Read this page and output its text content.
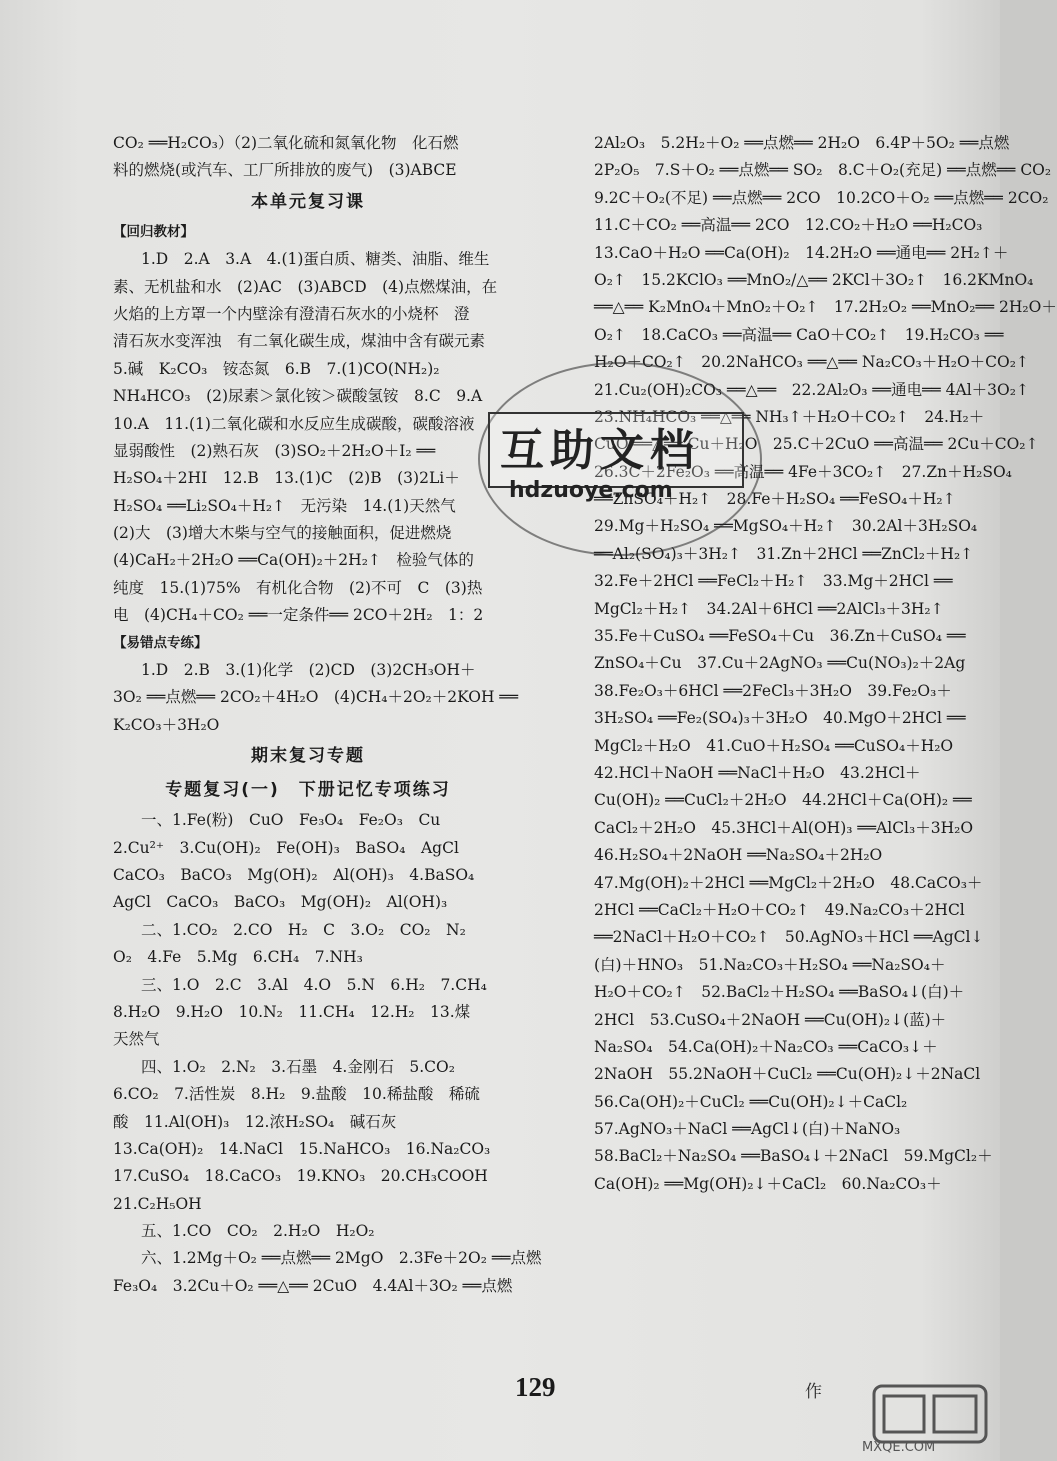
CO₂ ══H₂CO₃）（2)二氧化硫和氮氧化物　化石燃
料的燃烧(或汽车、工厂所排放的废气)　(3)ABCE
本单元复习课
【回归教材】
1.D　2.A　3.A　4.(1)蛋白质、糖类、油脂、维生
素、无机盐和水　(2)AC　(3)ABCD　(4)点燃煤油，在
火焰的上方罩一个内壁涂有澄清石灰水的小烧杯　澄
清石灰水变浑浊　有二氧化碳生成，煤油中含有碳元素
5.碱　K₂CO₃　铵态氮　6.B　7.(1)CO(NH₂)₂
NH₄HCO₃　(2)尿素＞氯化铵＞碳酸氢铵　8.C　9.A
10.A　11.(1)二氧化碳和水反应生成碳酸，碳酸溶液
显弱酸性　(2)熟石灰　(3)SO₂＋2H₂O＋I₂ ══
H₂SO₄＋2HI　12.B　13.(1)C　(2)B　(3)2Li＋
H₂SO₄ ══Li₂SO₄＋H₂↑　无污染　14.(1)天然气
(2)大　(3)增大木柴与空气的接触面积，促进燃烧
(4)CaH₂＋2H₂O ══Ca(OH)₂＋2H₂↑　检验气体的
纯度　15.(1)75%　有机化合物　(2)不可　C　(3)热
电　(4)CH₄＋CO₂ ══一定条件══ 2CO＋2H₂　1：2
【易错点专练】
1.D　2.B　3.(1)化学　(2)CD　(3)2CH₃OH＋
3O₂ ══点燃══ 2CO₂＋4H₂O　(4)CH₄＋2O₂＋2KOH ══
K₂CO₃＋3H₂O
期末复习专题
专题复习(一)　下册记忆专项练习
一、1.Fe(粉)　CuO　Fe₃O₄　Fe₂O₃　Cu
2.Cu²⁺　3.Cu(OH)₂　Fe(OH)₃　BaSO₄　AgCl
CaCO₃　BaCO₃　Mg(OH)₂　Al(OH)₃　4.BaSO₄
AgCl　CaCO₃　BaCO₃　Mg(OH)₂　Al(OH)₃
二、1.CO₂　2.CO　H₂　C　3.O₂　CO₂　N₂
O₂　4.Fe　5.Mg　6.CH₄　7.NH₃
三、1.O　2.C　3.Al　4.O　5.N　6.H₂　7.CH₄
8.H₂O　9.H₂O　10.N₂　11.CH₄　12.H₂　13.煤
天然气
四、1.O₂　2.N₂　3.石墨　4.金刚石　5.CO₂
6.CO₂　7.活性炭　8.H₂　9.盐酸　10.稀盐酸　稀硫
酸　11.Al(OH)₃　12.浓H₂SO₄　碱石灰
13.Ca(OH)₂　14.NaCl　15.NaHCO₃　16.Na₂CO₃
17.CuSO₄　18.CaCO₃　19.KNO₃　20.CH₃COOH
21.C₂H₅OH
五、1.CO　CO₂　2.H₂O　H₂O₂
六、1.2Mg＋O₂ ══点燃══ 2MgO　2.3Fe＋2O₂ ══点燃
Fe₃O₄　3.2Cu＋O₂ ══△══ 2CuO　4.4Al＋3O₂ ══点燃
2Al₂O₃　5.2H₂＋O₂ ══点燃══ 2H₂O　6.4P＋5O₂ ══点燃
2P₂O₅　7.S＋O₂ ══点燃══ SO₂　8.C＋O₂(充足) ══点燃══ CO₂
9.2C＋O₂(不足) ══点燃══ 2CO　10.2CO＋O₂ ══点燃══ 2CO₂
11.C＋CO₂ ══高温══ 2CO　12.CO₂＋H₂O ══H₂CO₃
13.CaO＋H₂O ══Ca(OH)₂　14.2H₂O ══通电══ 2H₂↑＋
O₂↑　15.2KClO₃ ══MnO₂/△══ 2KCl＋3O₂↑　16.2KMnO₄
══△══ K₂MnO₄＋MnO₂＋O₂↑　17.2H₂O₂ ══MnO₂══ 2H₂O＋
O₂↑　18.CaCO₃ ══高温══ CaO＋CO₂↑　19.H₂CO₃ ══
H₂O＋CO₂↑　20.2NaHCO₃ ══△══ Na₂CO₃＋H₂O＋CO₂↑
21.Cu₂(OH)₂CO₃ ══△══　22.2Al₂O₃ ══通电══ 4Al＋3O₂↑
23.NH₄HCO₃ ══△══ NH₃↑＋H₂O＋CO₂↑　24.H₂＋
CuO ══△══ Cu＋H₂O　25.C＋2CuO ══高温══ 2Cu＋CO₂↑
26.3C＋2Fe₂O₃ ══高温══ 4Fe＋3CO₂↑　27.Zn＋H₂SO₄
══ZnSO₄＋H₂↑　28.Fe＋H₂SO₄ ══FeSO₄＋H₂↑
29.Mg＋H₂SO₄ ══MgSO₄＋H₂↑　30.2Al＋3H₂SO₄
══Al₂(SO₄)₃＋3H₂↑　31.Zn＋2HCl ══ZnCl₂＋H₂↑
32.Fe＋2HCl ══FeCl₂＋H₂↑　33.Mg＋2HCl ══
MgCl₂＋H₂↑　34.2Al＋6HCl ══2AlCl₃＋3H₂↑
35.Fe＋CuSO₄ ══FeSO₄＋Cu　36.Zn＋CuSO₄ ══
ZnSO₄＋Cu　37.Cu＋2AgNO₃ ══Cu(NO₃)₂＋2Ag
38.Fe₂O₃＋6HCl ══2FeCl₃＋3H₂O　39.Fe₂O₃＋
3H₂SO₄ ══Fe₂(SO₄)₃＋3H₂O　40.MgO＋2HCl ══
MgCl₂＋H₂O　41.CuO＋H₂SO₄ ══CuSO₄＋H₂O
42.HCl＋NaOH ══NaCl＋H₂O　43.2HCl＋
Cu(OH)₂ ══CuCl₂＋2H₂O　44.2HCl＋Ca(OH)₂ ══
CaCl₂＋2H₂O　45.3HCl＋Al(OH)₃ ══AlCl₃＋3H₂O
46.H₂SO₄＋2NaOH ══Na₂SO₄＋2H₂O
47.Mg(OH)₂＋2HCl ══MgCl₂＋2H₂O　48.CaCO₃＋
2HCl ══CaCl₂＋H₂O＋CO₂↑　49.Na₂CO₃＋2HCl
══2NaCl＋H₂O＋CO₂↑　50.AgNO₃＋HCl ══AgCl↓
(白)＋HNO₃　51.Na₂CO₃＋H₂SO₄ ══Na₂SO₄＋
H₂O＋CO₂↑　52.BaCl₂＋H₂SO₄ ══BaSO₄↓(白)＋
2HCl　53.CuSO₄＋2NaOH ══Cu(OH)₂↓(蓝)＋
Na₂SO₄　54.Ca(OH)₂＋Na₂CO₃ ══CaCO₃↓＋
2NaOH　55.2NaOH＋CuCl₂ ══Cu(OH)₂↓＋2NaCl
56.Ca(OH)₂＋CuCl₂ ══Cu(OH)₂↓＋CaCl₂
57.AgNO₃＋NaCl ══AgCl↓(白)＋NaNO₃
58.BaCl₂＋Na₂SO₄ ══BaSO₄↓＋2NaCl　59.MgCl₂＋
Ca(OH)₂ ══Mg(OH)₂↓＋CaCl₂　60.Na₂CO₃＋
互助文档
hdzuoye.com
129	作
MXQE.COM
